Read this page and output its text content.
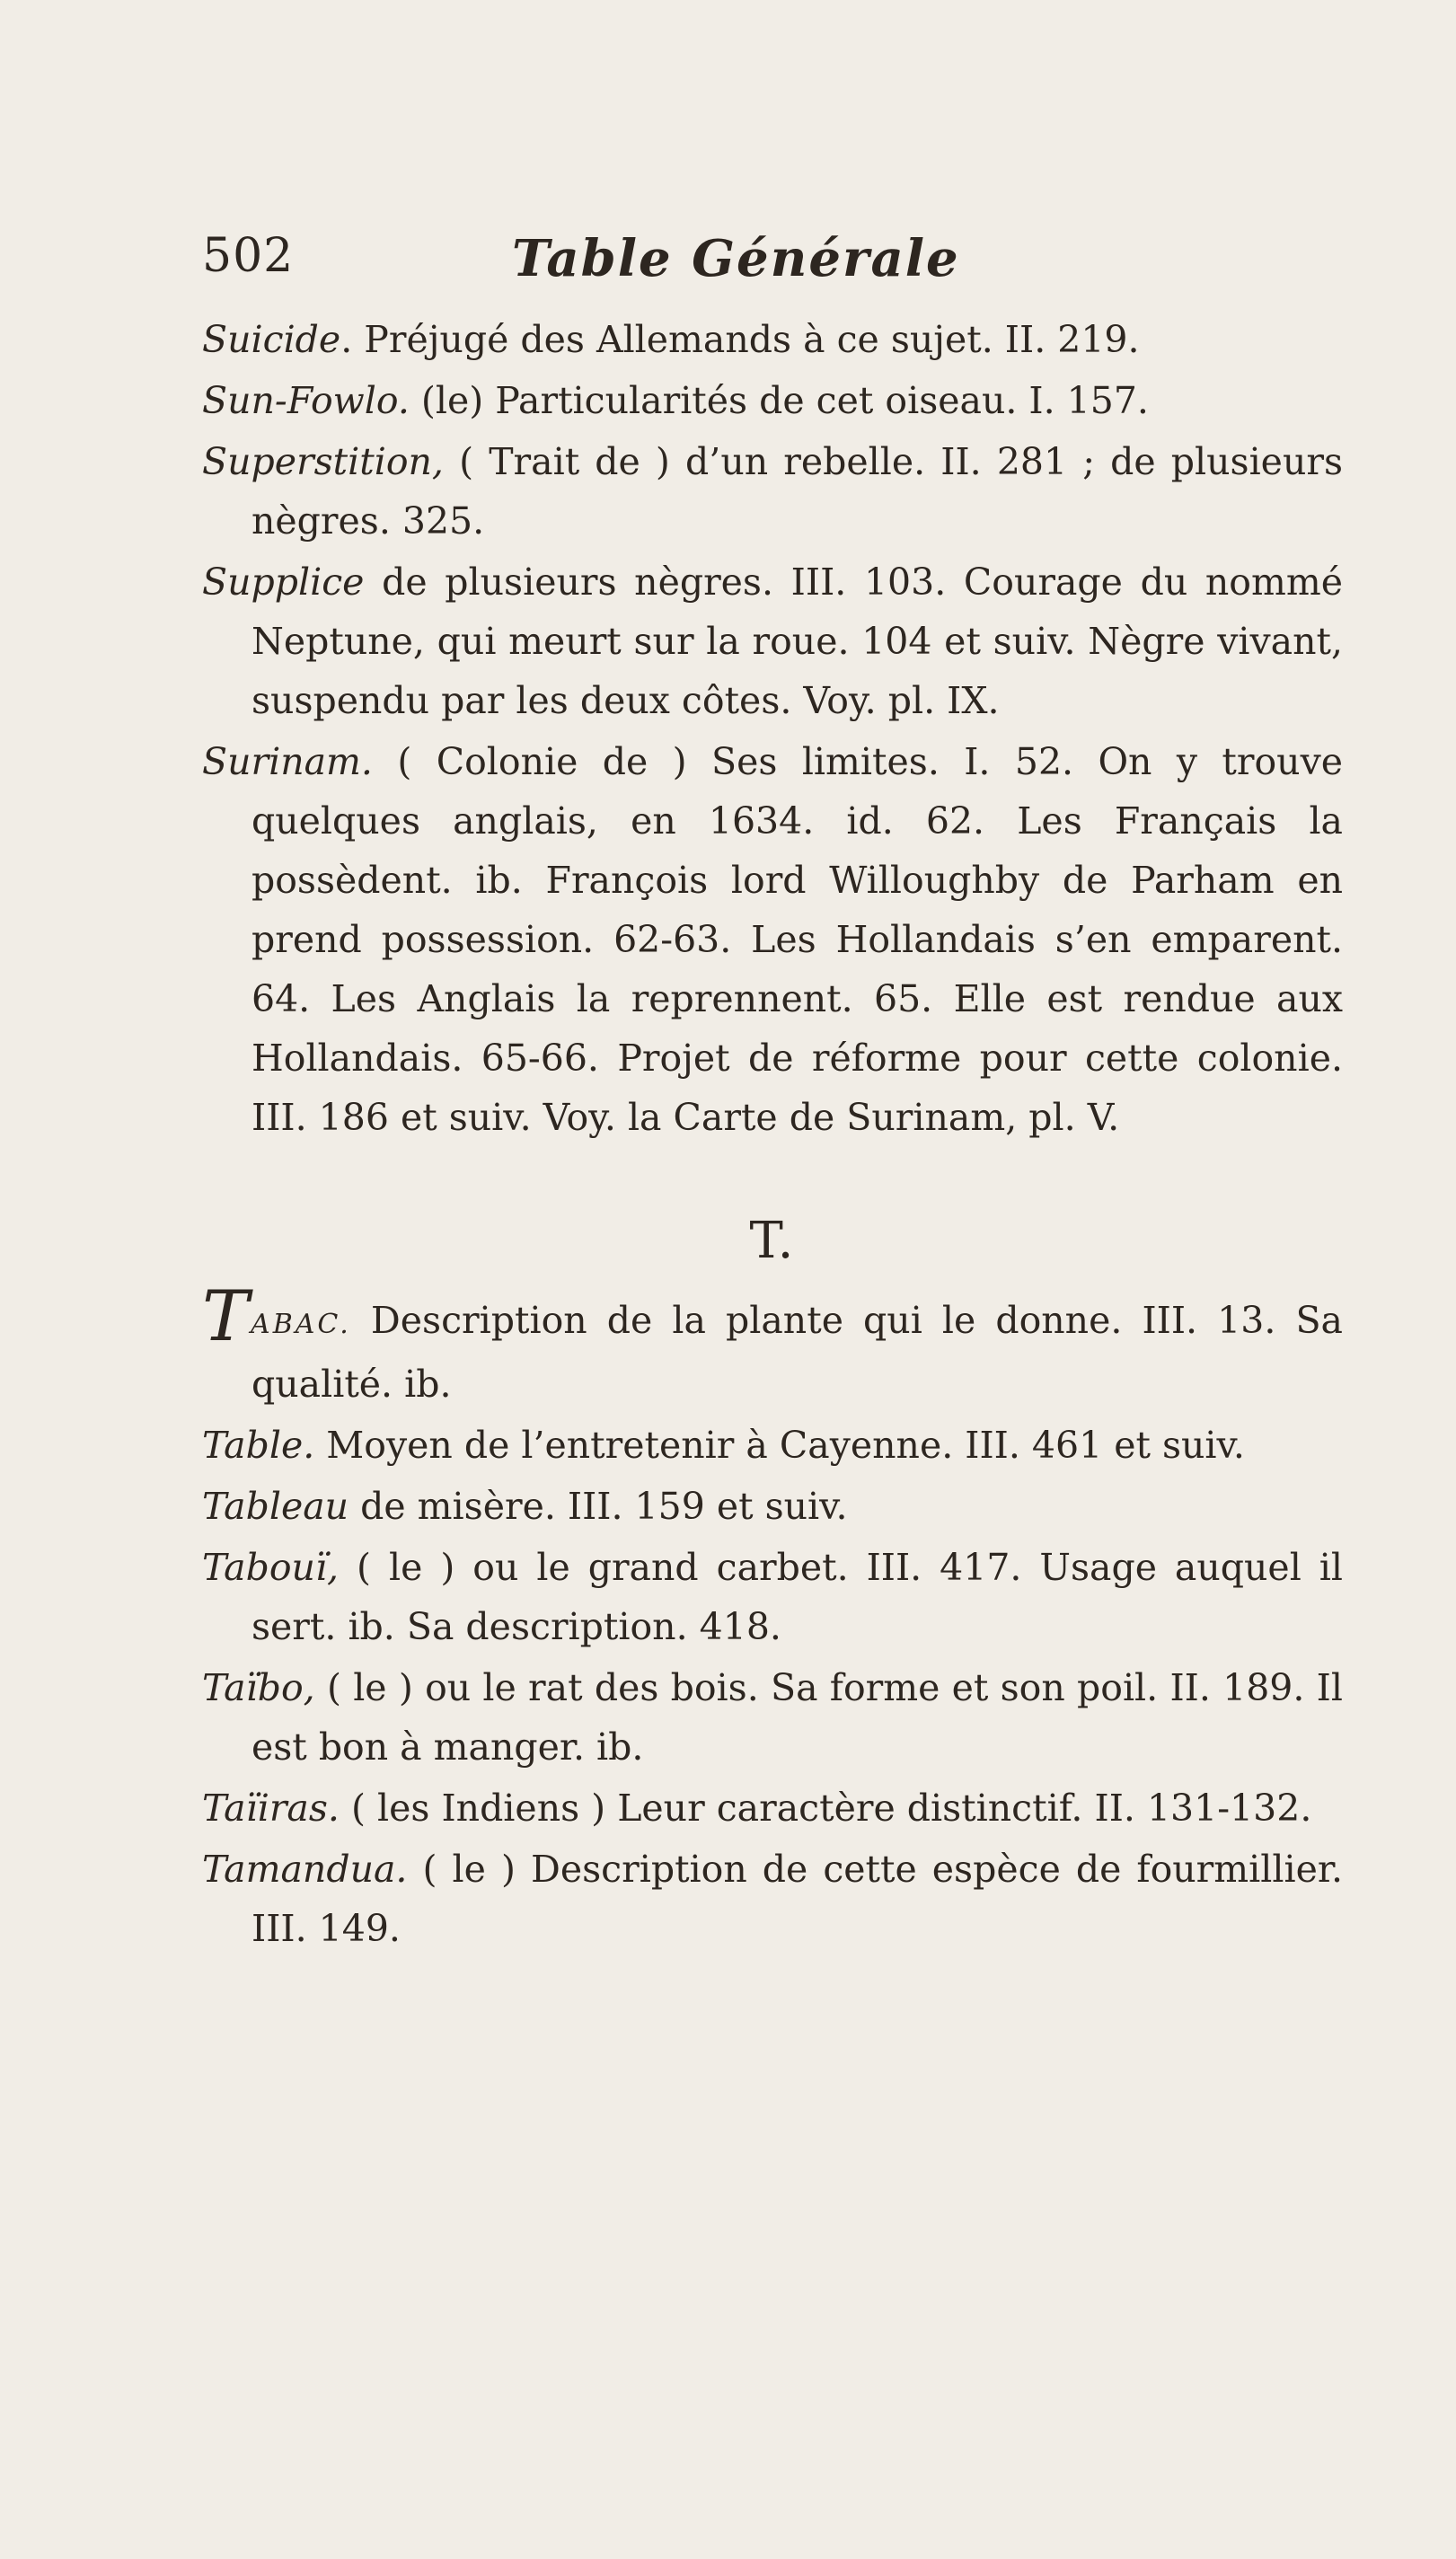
502	Table Générale

Suicide. Préjugé des Allemands à ce sujet. II. 219.

Sun-Fowlo. (le) Particularités de cet oiseau. I. 157.

Superstition, ( Trait de ) d’un rebelle. II. 281 ; de plusieurs nègres. 325.

Supplice de plusieurs nègres. III. 103. Courage du nommé Neptune, qui meurt sur la roue. 104 et suiv. Nègre vivant, suspendu par les deux côtes. Voy. pl. IX.

Surinam. ( Colonie de ) Ses limites. I. 52. On y trouve quelques anglais, en 1634. id. 62. Les Français la possèdent. ib. François lord Willoughby de Parham en prend possession. 62-63. Les Hollandais s’en emparent. 64. Les Anglais la reprennent. 65. Elle est rendue aux Hollandais. 65-66. Projet de réforme pour cette colonie. III. 186 et suiv. Voy. la Carte de Surinam, pl. V.

T.

TABAC. Description de la plante qui le donne. III. 13. Sa qualité. ib.

Table. Moyen de l’entretenir à Cayenne. III. 461 et suiv.

Tableau de misère. III. 159 et suiv.

Tabouï, ( le ) ou le grand carbet. III. 417. Usage auquel il sert. ib. Sa description. 418.

Taïbo, ( le ) ou le rat des bois. Sa forme et son poil. II. 189. Il est bon à manger. ib.

Taïiras. ( les Indiens ) Leur caractère distinctif. II. 131-132.

Tamandua. ( le ) Description de cette espèce de fourmillier. III. 149.
